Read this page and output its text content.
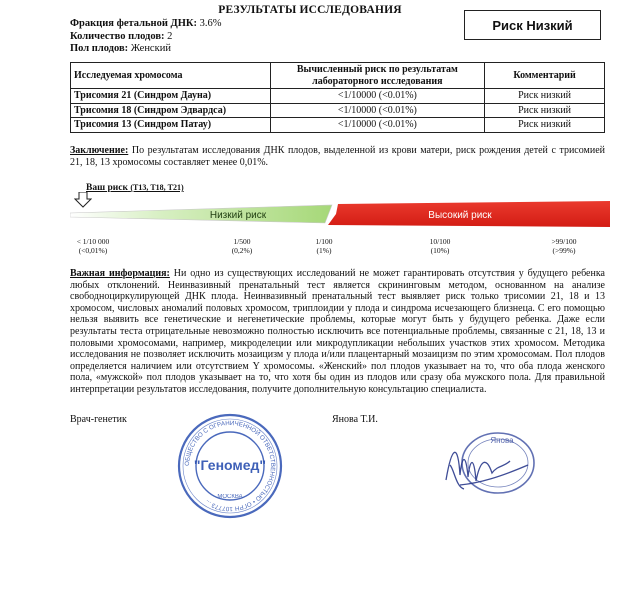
РЕЗУЛЬТАТЫ ИССЛЕДОВАНИЯ
Риск Низкий
Фракция фетальной ДНК: 3.6%
Количество плодов: 2
Пол плодов: Женский
Исследуемая хромосома	Вычисленный риск по результатам лабораторного исследования	Комментарий
Трисомия 21 (Синдром Дауна)	<1/10000 (<0.01%)	Риск низкий
Трисомия 18 (Синдром Эдвардса)	<1/10000 (<0.01%)	Риск низкий
Трисомия 13 (Синдром Патау)	<1/10000 (<0.01%)	Риск низкий
Заключение: По результатам исследования ДНК плодов, выделенной из крови матери, риск рождения детей с трисомией 21, 18, 13 хромосомы составляет менее 0,01%.
Ваш риск (Т13, Т18, Т21)
Низкий риск	Высокий риск
< 1/10 000
(<0,01%)
1/500
(0,2%)
1/100
(1%)
10/100
(10%)
>99/100
(>99%)
Важная информация: Ни одно из существующих исследований не может гарантировать отсутствия у будущего ребенка любых отклонений. Неинвазивный пренатальный тест является скрининговым методом, основанном на анализе свободноциркулирующей ДНК плода. Неинвазивный пренатальный тест выявляет риск только трисомии 21, 18 и 13 хромосом, числовых аномалий половых хромосом, триплоидии у плода и синдрома исчезающего близнеца. С его помощью нельзя выявить все генетические и негенетические проблемы, которые могут быть у будущего ребенка. Даже если результаты теста отрицательные невозможно полностью исключить все потенциальные проблемы, связанные с 21, 18, 13 и половыми хромосомами, например, микроделеции или микродупликации небольших участков этих хромосом. Методика исследования не позволяет исключить мозаицизм у плода и/или плацентарный мозаицизм по этим хромосомам. Пол плодов определяется наличием или отсутствием Y хромосомы. «Женский» пол плодов указывает на то, что оба плода женского пола, «мужской» пол плодов указывает на то, что хотя бы один из плодов или сразу оба мужского пола. Для правильной интерпретации результатов исследования, получите дополнительную консультацию специалиста.
Врач-генетик	Янова Т.И.
ОБЩЕСТВО С ОГРАНИЧЕННОЙ ОТВЕТСТВЕННОСТЬЮ • ОГРН 107773 ...
"Геномед"
МОСКВА
Янова
